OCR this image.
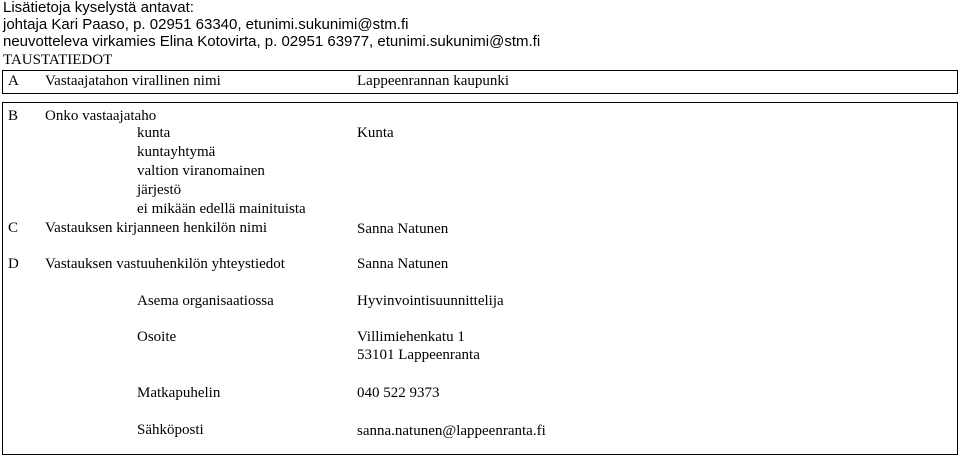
Lisätietoja kyselystä antavat:
johtaja Kari Paaso, p. 02951 63340, etunimi.sukunimi@stm.fi
neuvotteleva virkamies Elina Kotovirta, p. 02951 63977, etunimi.sukunimi@stm.fi
TAUSTATIEDOT
A Vastaajatahon virallinen nimi	Lappeenrannan kaupunki
B Onko vastaajataho
kunta	Kunta
kuntayhtymä
valtion viranomainen
järjestö
ei mikään edellä mainituista
C Vastauksen kirjanneen henkilön nimi	Sanna Natunen
D Vastauksen vastuuhenkilön yhteystiedot	Sanna Natunen
Asema organisaatiossa	Hyvinvointisuunnittelija
Osoite	Villimiehenkatu 1
53101 Lappeenranta
Matkapuhelin	040 522 9373
Sähköposti	sanna.natunen@lappeenranta.fi
